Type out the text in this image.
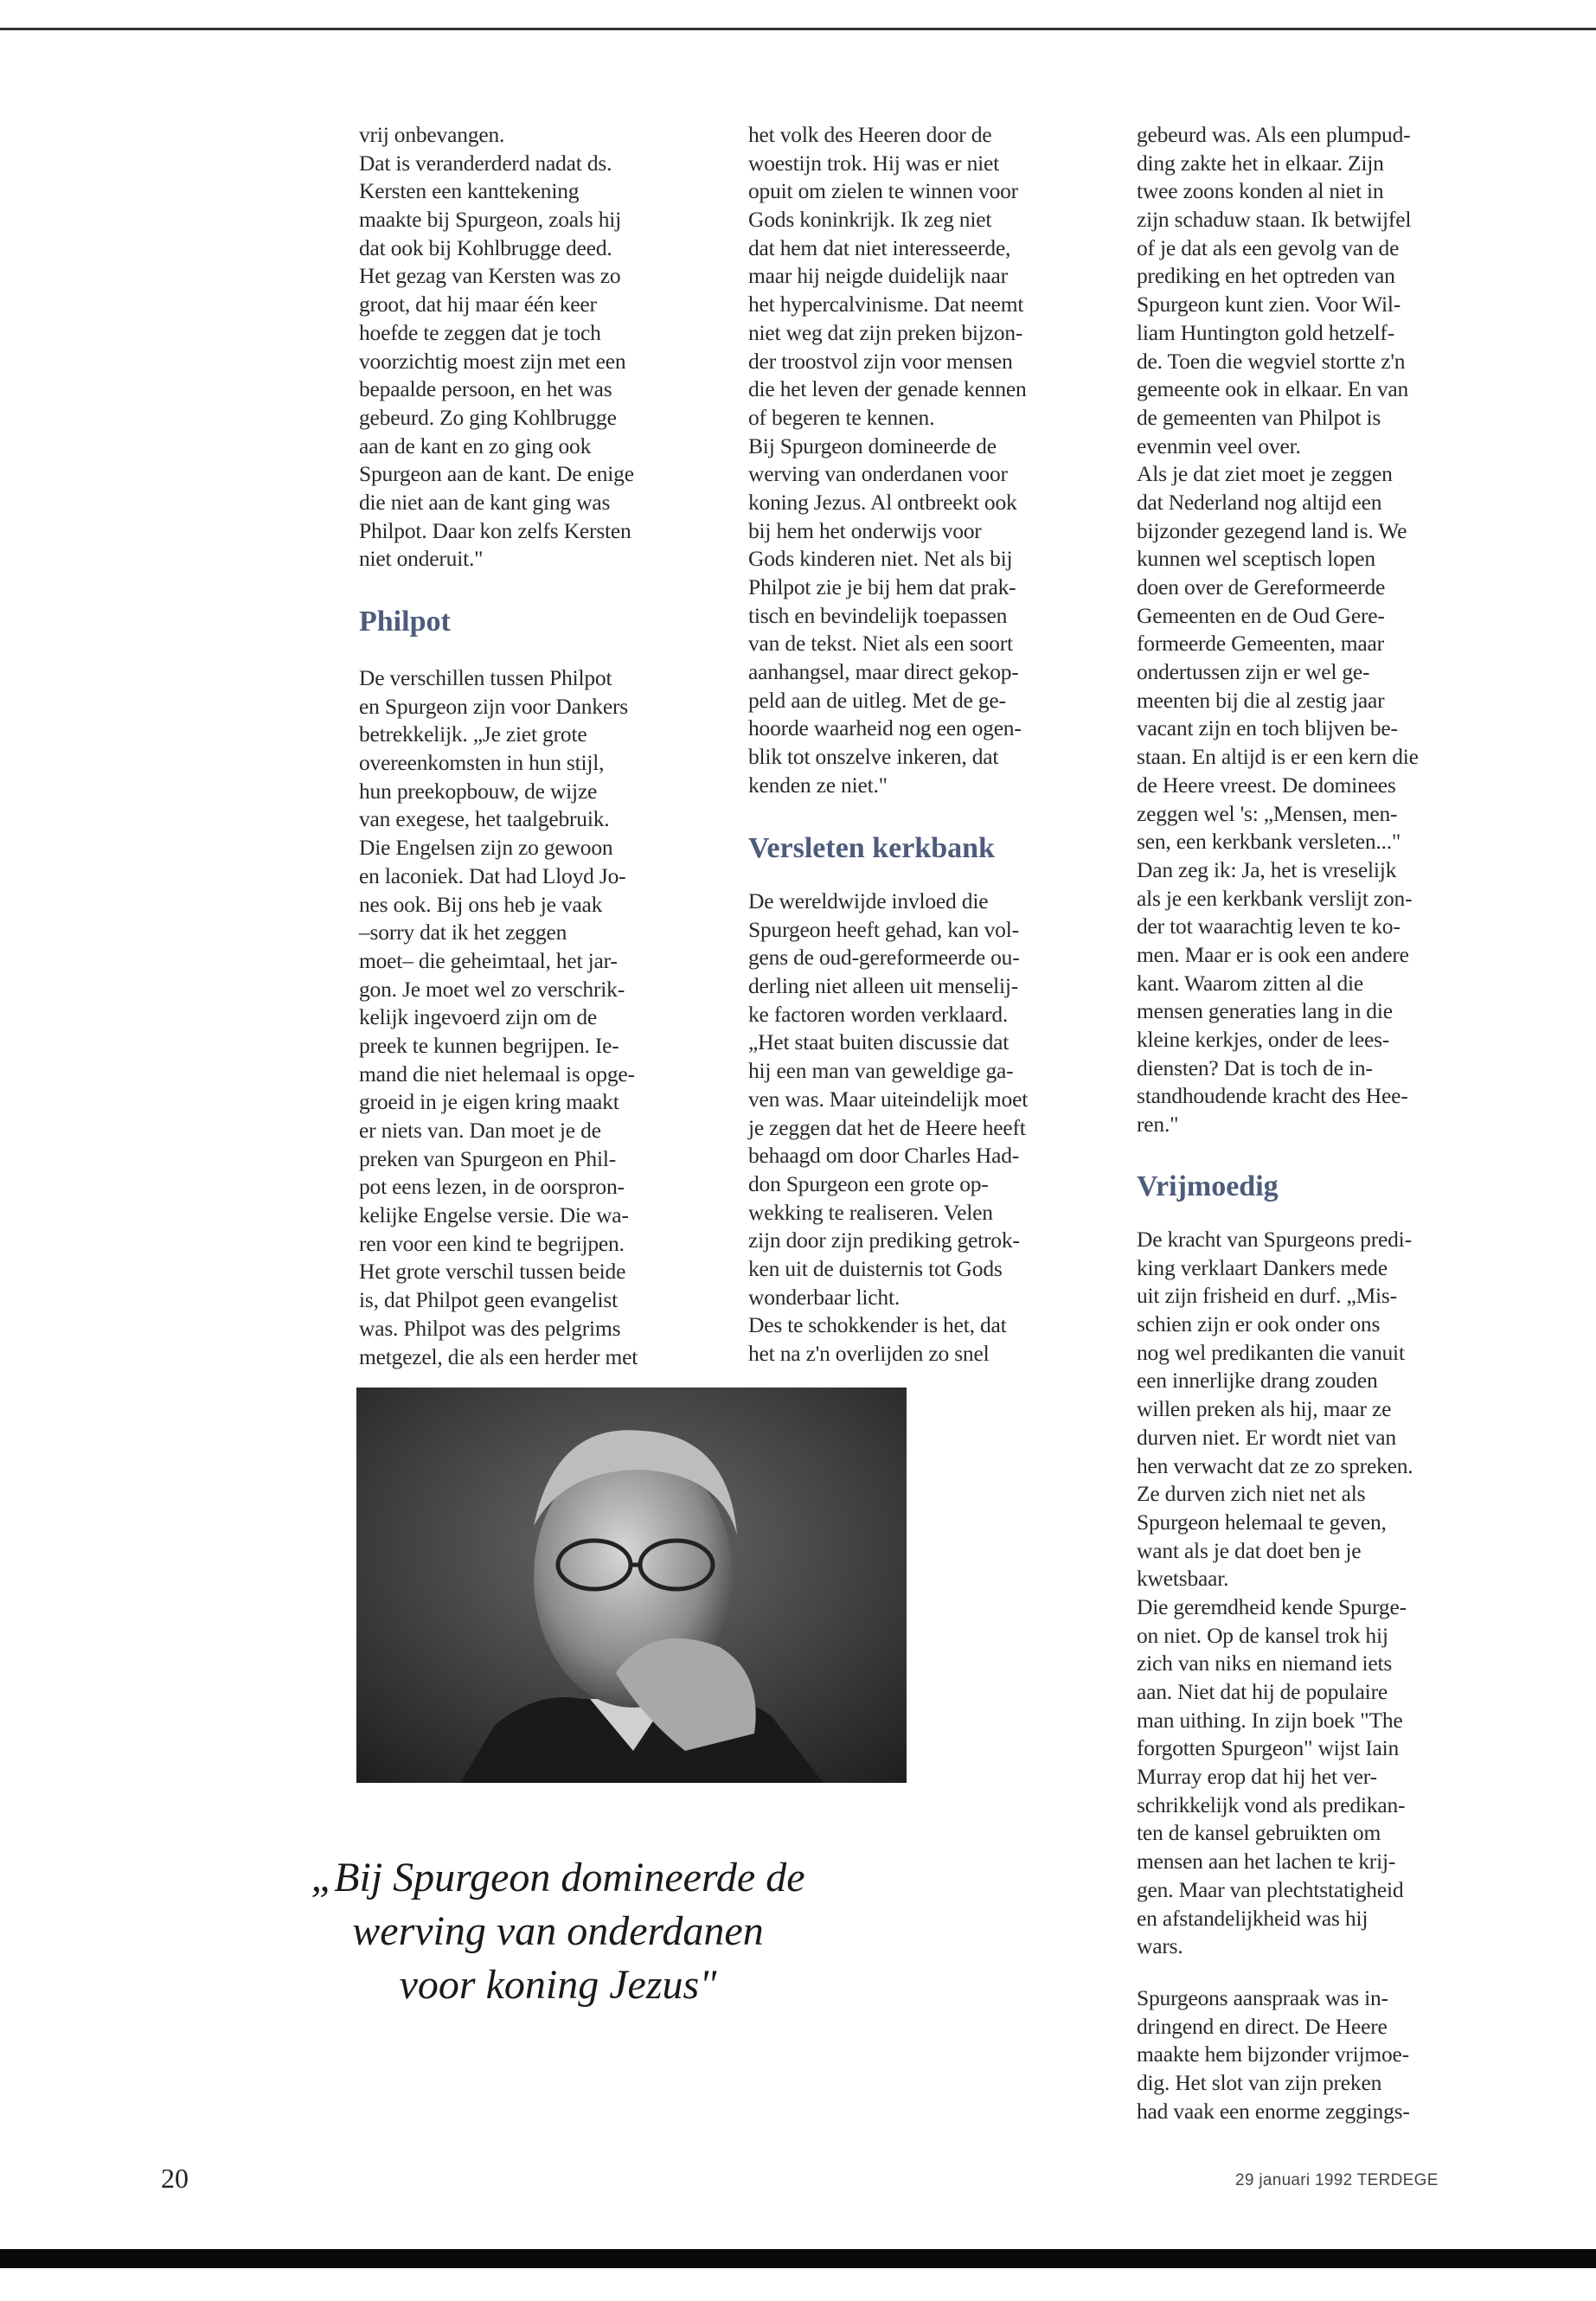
vrij onbevangen.
Dat is veranderderd nadat ds.
Kersten een kanttekening
maakte bij Spurgeon, zoals hij
dat ook bij Kohlbrugge deed.
Het gezag van Kersten was zo
groot, dat hij maar één keer
hoefde te zeggen dat je toch
voorzichtig moest zijn met een
bepaalde persoon, en het was
gebeurd. Zo ging Kohlbrugge
aan de kant en zo ging ook
Spurgeon aan de kant. De enige
die niet aan de kant ging was
Philpot. Daar kon zelfs Kersten
niet onderuit."
Philpot
De verschillen tussen Philpot
en Spurgeon zijn voor Dankers
betrekkelijk. „Je ziet grote
overeenkomsten in hun stijl,
hun preekopbouw, de wijze
van exegese, het taalgebruik.
Die Engelsen zijn zo gewoon
en laconiek. Dat had Lloyd Jo-
nes ook. Bij ons heb je vaak
–sorry dat ik het zeggen
moet– die geheimtaal, het jar-
gon. Je moet wel zo verschrik-
kelijk ingevoerd zijn om de
preek te kunnen begrijpen. Ie-
mand die niet helemaal is opge-
groeid in je eigen kring maakt
er niets van. Dan moet je de
preken van Spurgeon en Phil-
pot eens lezen, in de oorspron-
kelijke Engelse versie. Die wa-
ren voor een kind te begrijpen.
Het grote verschil tussen beide
is, dat Philpot geen evangelist
was. Philpot was des pelgrims
metgezel, die als een herder met
het volk des Heeren door de
woestijn trok. Hij was er niet
opuit om zielen te winnen voor
Gods koninkrijk. Ik zeg niet
dat hem dat niet interesseerde,
maar hij neigde duidelijk naar
het hypercalvinisme. Dat neemt
niet weg dat zijn preken bijzon-
der troostvol zijn voor mensen
die het leven der genade kennen
of begeren te kennen.
Bij Spurgeon domineerde de
werving van onderdanen voor
koning Jezus. Al ontbreekt ook
bij hem het onderwijs voor
Gods kinderen niet. Net als bij
Philpot zie je bij hem dat prak-
tisch en bevindelijk toepassen
van de tekst. Niet als een soort
aanhangsel, maar direct gekop-
peld aan de uitleg. Met de ge-
hoorde waarheid nog een ogen-
blik tot onszelve inkeren, dat
kenden ze niet."
Versleten kerkbank
De wereldwijde invloed die
Spurgeon heeft gehad, kan vol-
gens de oud-gereformeerde ou-
derling niet alleen uit menselij-
ke factoren worden verklaard.
„Het staat buiten discussie dat
hij een man van geweldige ga-
ven was. Maar uiteindelijk moet
je zeggen dat het de Heere heeft
behaagd om door Charles Had-
don Spurgeon een grote op-
wekking te realiseren. Velen
zijn door zijn prediking getrok-
ken uit de duisternis tot Gods
wonderbaar licht.
Des te schokkender is het, dat
het na z'n overlijden zo snel
gebeurd was. Als een plumpud-
ding zakte het in elkaar. Zijn
twee zoons konden al niet in
zijn schaduw staan. Ik betwijfel
of je dat als een gevolg van de
prediking en het optreden van
Spurgeon kunt zien. Voor Wil-
liam Huntington gold hetzelf-
de. Toen die wegviel stortte z'n
gemeente ook in elkaar. En van
de gemeenten van Philpot is
evenmin veel over.
Als je dat ziet moet je zeggen
dat Nederland nog altijd een
bijzonder gezegend land is. We
kunnen wel sceptisch lopen
doen over de Gereformeerde
Gemeenten en de Oud Gere-
formeerde Gemeenten, maar
ondertussen zijn er wel ge-
meenten bij die al zestig jaar
vacant zijn en toch blijven be-
staan. En altijd is er een kern die
de Heere vreest. De dominees
zeggen wel 's: „Mensen, men-
sen, een kerkbank versleten..."
Dan zeg ik: Ja, het is vreselijk
als je een kerkbank verslijt zon-
der tot waarachtig leven te ko-
men. Maar er is ook een andere
kant. Waarom zitten al die
mensen generaties lang in die
kleine kerkjes, onder de lees-
diensten? Dat is toch de in-
standhoudende kracht des Hee-
ren."
Vrijmoedig
De kracht van Spurgeons predi-
king verklaart Dankers mede
uit zijn frisheid en durf. „Mis-
schien zijn er ook onder ons
nog wel predikanten die vanuit
een innerlijke drang zouden
willen preken als hij, maar ze
durven niet. Er wordt niet van
hen verwacht dat ze zo spreken.
Ze durven zich niet net als
Spurgeon helemaal te geven,
want als je dat doet ben je
kwetsbaar.
Die geremdheid kende Spurge-
on niet. Op de kansel trok hij
zich van niks en niemand iets
aan. Niet dat hij de populaire
man uithing. In zijn boek "The
forgotten Spurgeon" wijst Iain
Murray erop dat hij het ver-
schrikkelijk vond als predikan-
ten de kansel gebruikten om
mensen aan het lachen te krij-
gen. Maar van plechtstatigheid
en afstandelijkheid was hij
wars.
Spurgeons aanspraak was in-
dringend en direct. De Heere
maakte hem bijzonder vrijmoe-
dig. Het slot van zijn preken
had vaak een enorme zeggings-
„Bij Spurgeon domineerde de
werving van onderdanen
voor koning Jezus"
20	29 januari 1992 TERDEGE
